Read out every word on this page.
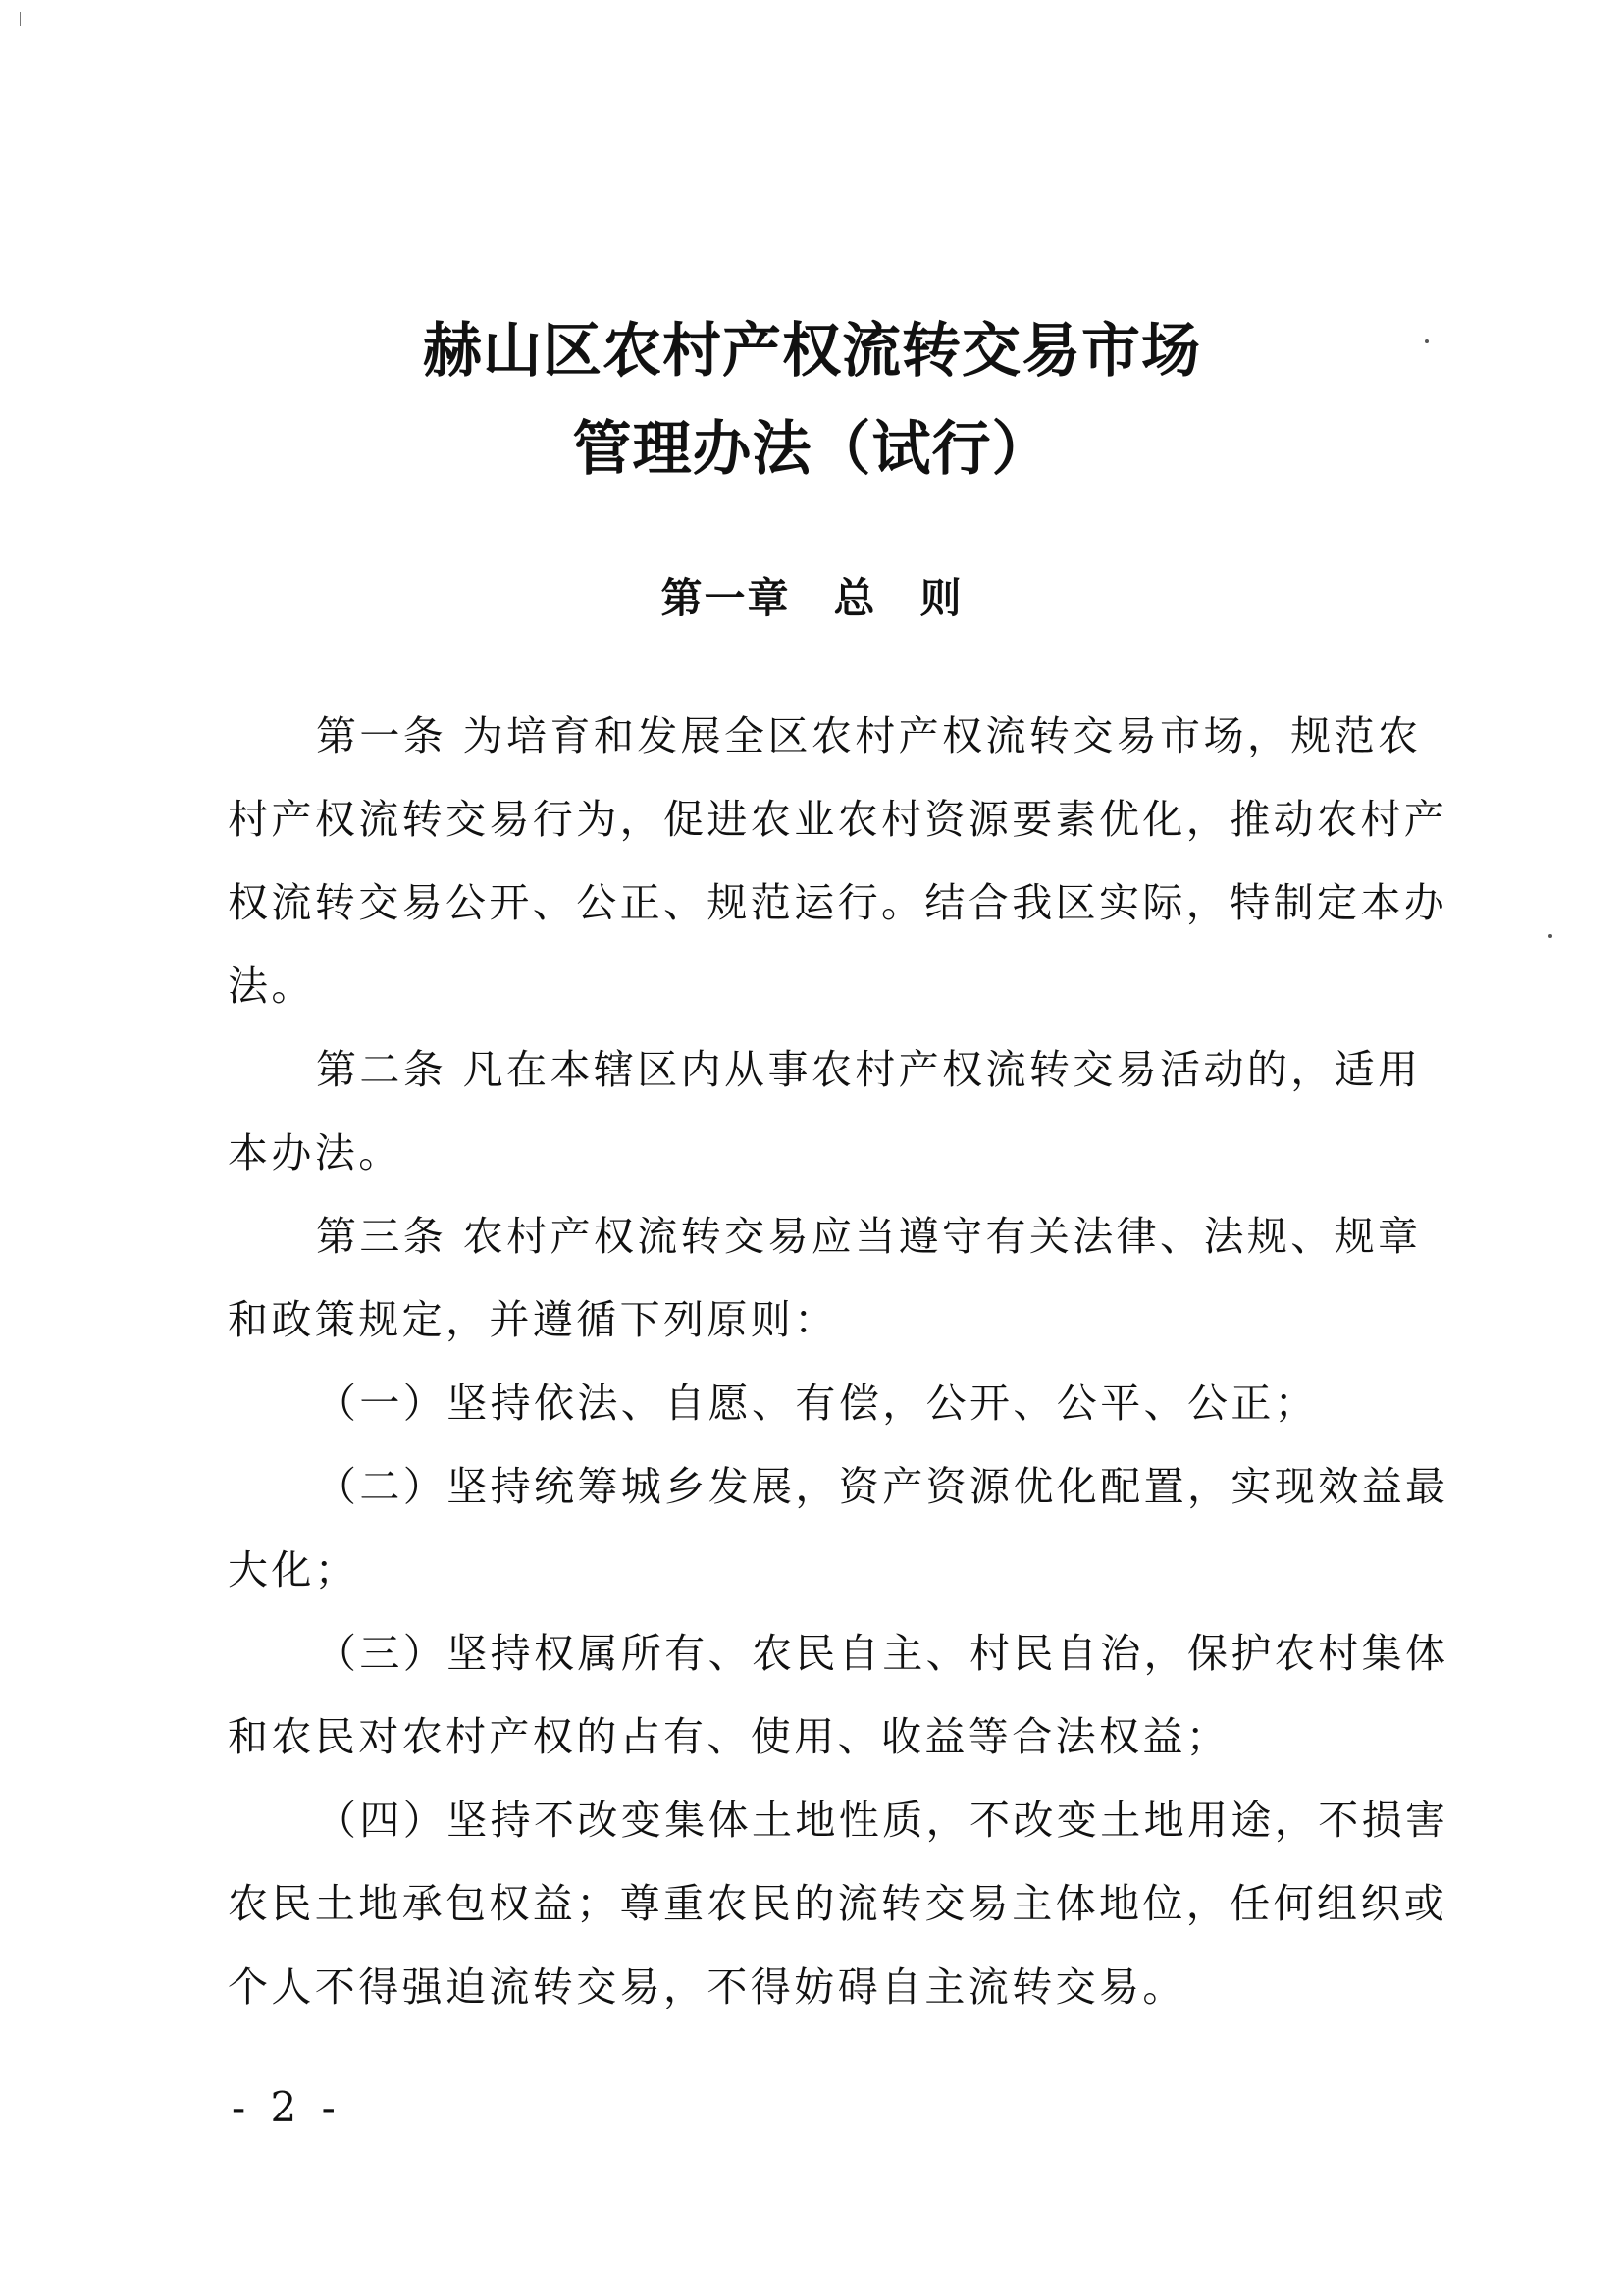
赫山区农村产权流转交易市场
管理办法（试行）
第一章　总　则
第一条 为培育和发展全区农村产权流转交易市场，规范农
村产权流转交易行为，促进农业农村资源要素优化，推动农村产
权流转交易公开、公正、规范运行。结合我区实际，特制定本办
法。
第二条 凡在本辖区内从事农村产权流转交易活动的，适用
本办法。
第三条 农村产权流转交易应当遵守有关法律、法规、规章
和政策规定，并遵循下列原则：
（一）坚持依法、自愿、有偿，公开、公平、公正；
（二）坚持统筹城乡发展，资产资源优化配置，实现效益最
大化；
（三）坚持权属所有、农民自主、村民自治，保护农村集体
和农民对农村产权的占有、使用、收益等合法权益；
（四）坚持不改变集体土地性质，不改变土地用途，不损害
农民土地承包权益；尊重农民的流转交易主体地位，任何组织或
个人不得强迫流转交易，不得妨碍自主流转交易。
- 2 -
